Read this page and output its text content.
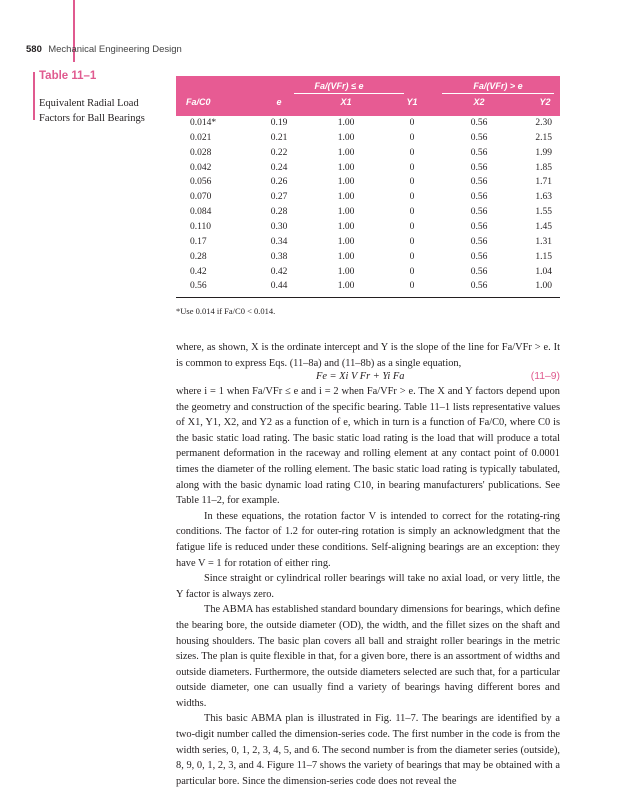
580 Mechanical Engineering Design
Table 11–1
Equivalent Radial Load
Factors for Ball Bearings
Fa/(VFr) ≤ e	Fa/(VFr) > e
Fa/C0	e	X1	Y1	X2	Y2
0.014*	0.19	1.00	0	0.56	2.30
0.021	0.21	1.00	0	0.56	2.15
0.028	0.22	1.00	0	0.56	1.99
0.042	0.24	1.00	0	0.56	1.85
0.056	0.26	1.00	0	0.56	1.71
0.070	0.27	1.00	0	0.56	1.63
0.084	0.28	1.00	0	0.56	1.55
0.110	0.30	1.00	0	0.56	1.45
0.17	0.34	1.00	0	0.56	1.31
0.28	0.38	1.00	0	0.56	1.15
0.42	0.42	1.00	0	0.56	1.04
0.56	0.44	1.00	0	0.56	1.00
*Use 0.014 if Fa/C0 < 0.014.

where, as shown, X is the ordinate intercept and Y is the slope of the line for Fa/VFr > e. It is common to express Eqs. (11–8a) and (11–8b) as a single equation,

Fe = Xi V Fr + Yi Fa	(11–9)

where i = 1 when Fa/VFr ≤ e and i = 2 when Fa/VFr > e. The X and Y factors depend upon the geometry and construction of the specific bearing. Table 11–1 lists representative values of X1, Y1, X2, and Y2 as a function of e, which in turn is a function of Fa/C0, where C0 is the basic static load rating. The basic static load rating is the load that will produce a total permanent deformation in the raceway and rolling element at any contact point of 0.0001 times the diameter of the rolling element. The basic static load rating is typically tabulated, along with the basic dynamic load rating C10, in bearing manufacturers' publications. See Table 11–2, for example.

In these equations, the rotation factor V is intended to correct for the rotating-ring conditions. The factor of 1.2 for outer-ring rotation is simply an acknowledgment that the fatigue life is reduced under these conditions. Self-aligning bearings are an exception: they have V = 1 for rotation of either ring.

Since straight or cylindrical roller bearings will take no axial load, or very little, the Y factor is always zero.

The ABMA has established standard boundary dimensions for bearings, which define the bearing bore, the outside diameter (OD), the width, and the fillet sizes on the shaft and housing shoulders. The basic plan covers all ball and straight roller bearings in the metric sizes. The plan is quite flexible in that, for a given bore, there is an assortment of widths and outside diameters. Furthermore, the outside diameters selected are such that, for a particular outside diameter, one can usually find a variety of bearings having different bores and widths.

This basic ABMA plan is illustrated in Fig. 11–7. The bearings are identified by a two-digit number called the dimension-series code. The first number in the code is from the width series, 0, 1, 2, 3, 4, 5, and 6. The second number is from the diameter series (outside), 8, 9, 0, 1, 2, 3, and 4. Figure 11–7 shows the variety of bearings that may be obtained with a particular bore. Since the dimension-series code does not reveal the
